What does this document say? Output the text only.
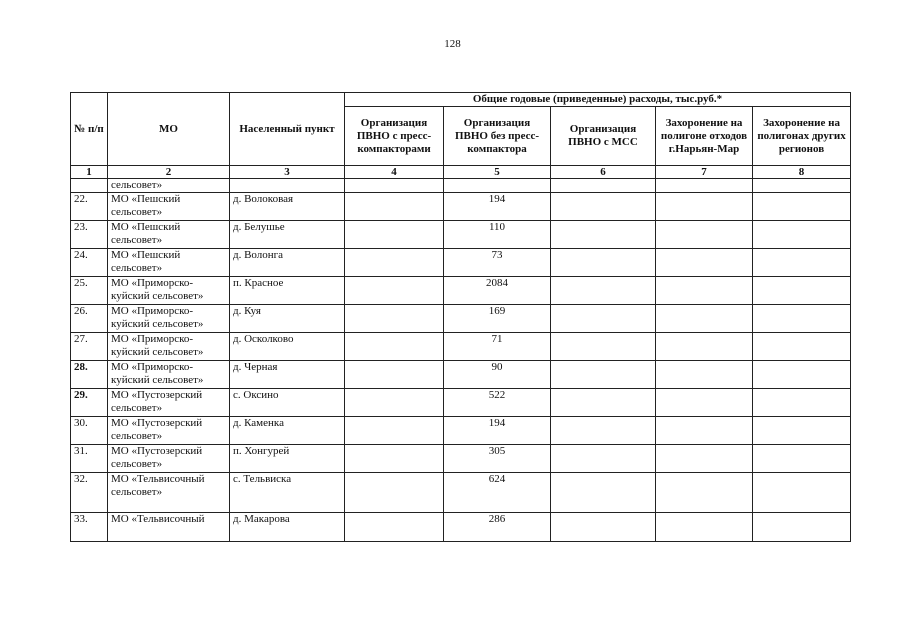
128
№ п/п	МО	Населенный пункт	Общие годовые (приведенные) расходы, тыс.руб.*				
			Организация ПВНО с пресс-компакторами	Организация ПВНО без пресс-компактора	Организация ПВНО с МСС	Захоронение на полигоне отходов г.Нарьян-Мар	Захоронение на полигонах других регионов
1	2	3	4	5	6	7	8
	сельсовет»						
22.	МО «Пешский сельсовет»	д. Волоковая		194			
23.	МО «Пешский сельсовет»	д. Белушье		110			
24.	МО «Пешский сельсовет»	д. Волонга		73			
25.	МО «Приморско-куйский сельсовет»	п. Красное		2084			
26.	МО «Приморско-куйский сельсовет»	д. Куя		169			
27.	МО «Приморско-куйский сельсовет»	д. Осколково		71			
28.	МО «Приморско-куйский сельсовет»	д. Черная		90			
29.	МО «Пустозерский сельсовет»	с. Оксино		522			
30.	МО «Пустозерский сельсовет»	д. Каменка		194			
31.	МО «Пустозерский сельсовет»	п. Хонгурей		305			
32.	МО «Тельвисочный сельсовет»	с. Тельвиска		624			
33.	МО «Тельвисочный	д. Макарова		286			
